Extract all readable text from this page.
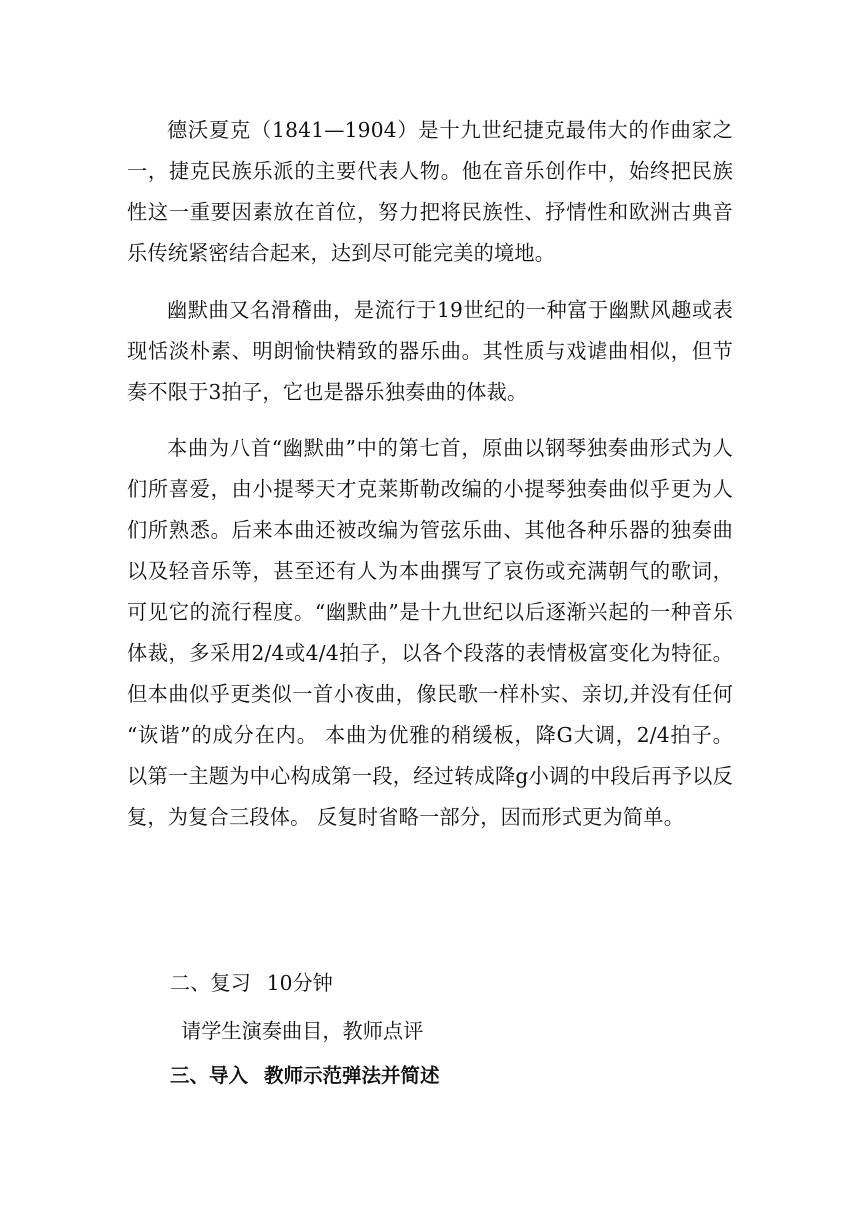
德沃夏克（1841—1904）是十九世纪捷克最伟大的作曲家之一，捷克民族乐派的主要代表人物。他在音乐创作中，始终把民族性这一重要因素放在首位，努力把将民族性、抒情性和欧洲古典音乐传统紧密结合起来，达到尽可能完美的境地。

幽默曲又名滑稽曲，是流行于19世纪的一种富于幽默风趣或表现恬淡朴素、明朗愉快精致的器乐曲。其性质与戏谑曲相似，但节奏不限于3拍子，它也是器乐独奏曲的体裁。

本曲为八首“幽默曲”中的第七首，原曲以钢琴独奏曲形式为人们所喜爱，由小提琴天才克莱斯勒改编的小提琴独奏曲似乎更为人们所熟悉。后来本曲还被改编为管弦乐曲、其他各种乐器的独奏曲以及轻音乐等，甚至还有人为本曲撰写了哀伤或充满朝气的歌词，可见它的流行程度。“幽默曲”是十九世纪以后逐渐兴起的一种音乐体裁，多采用2/4或4/4拍子，以各个段落的表情极富变化为特征。但本曲似乎更类似一首小夜曲，像民歌一样朴实、亲切,并没有任何 “诙谐”的成分在内。 本曲为优雅的稍缓板，降G大调，2/4拍子。以第一主题为中心构成第一段，经过转成降g小调的中段后再予以反复，为复合三段体。 反复时省略一部分，因而形式更为简单。

二、复习 10分钟

请学生演奏曲目，教师点评

三、导入 教师示范弹法并简述
